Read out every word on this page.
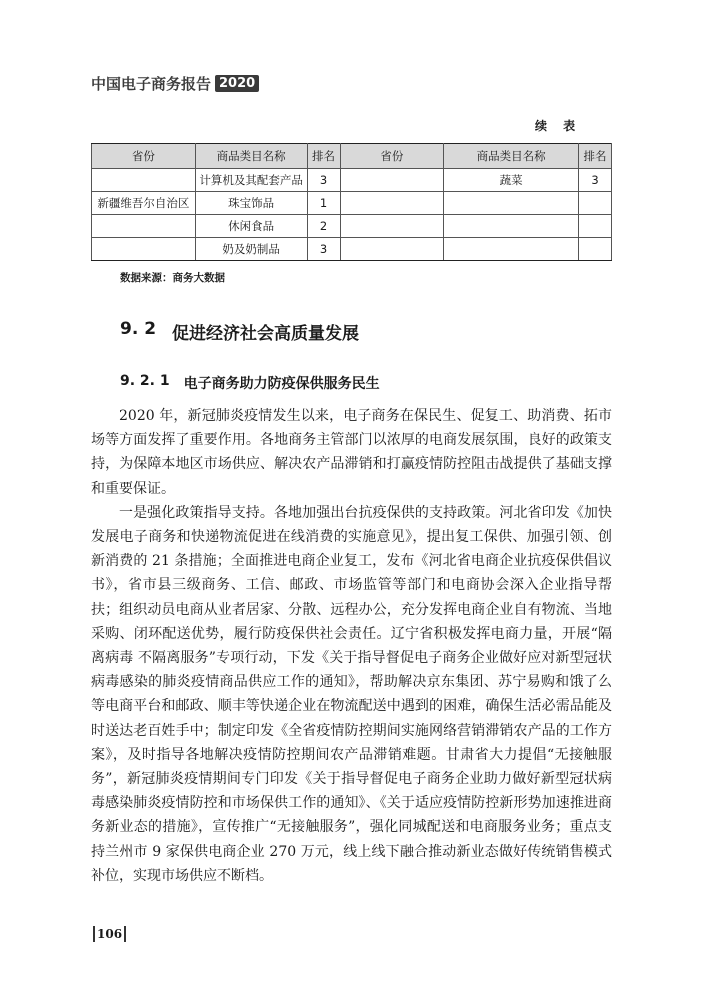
中国电子商务报告 2020
续 表
省份	商品类目名称	排名	省份	商品类目名称	排名
	计算机及其配套产品	3		蔬菜	3
新疆维吾尔自治区	珠宝饰品	1			
	休闲食品	2			
	奶及奶制品	3			
数据来源：商务大数据
9. 2 促进经济社会高质量发展
9. 2. 1 电子商务助力防疫保供服务民生

2020 年，新冠肺炎疫情发生以来，电子商务在保民生、促复工、助消费、拓市场等方面发挥了重要作用。各地商务主管部门以浓厚的电商发展氛围，良好的政策支持，为保障本地区市场供应、解决农产品滞销和打赢疫情防控阻击战提供了基础支撑和重要保证。

一是强化政策指导支持。各地加强出台抗疫保供的支持政策。河北省印发《加快发展电子商务和快递物流促进在线消费的实施意见》，提出复工保供、加强引领、创新消费的 21 条措施；全面推进电商企业复工，发布《河北省电商企业抗疫保供倡议书》，省市县三级商务、工信、邮政、市场监管等部门和电商协会深入企业指导帮扶；组织动员电商从业者居家、分散、远程办公，充分发挥电商企业自有物流、当地采购、闭环配送优势，履行防疫保供社会责任。辽宁省积极发挥电商力量，开展“隔离病毒 不隔离服务”专项行动，下发《关于指导督促电子商务企业做好应对新型冠状病毒感染的肺炎疫情商品供应工作的通知》，帮助解决京东集团、苏宁易购和饿了么等电商平台和邮政、顺丰等快递企业在物流配送中遇到的困难，确保生活必需品能及时送达老百姓手中；制定印发《全省疫情防控期间实施网络营销滞销农产品的工作方案》，及时指导各地解决疫情防控期间农产品滞销难题。甘肃省大力提倡“无接触服务”，新冠肺炎疫情期间专门印发《关于指导督促电子商务企业助力做好新型冠状病毒感染肺炎疫情防控和市场保供工作的通知》、《关于适应疫情防控新形势加速推进商务新业态的措施》，宣传推广“无接触服务”，强化同城配送和电商服务业务；重点支持兰州市 9 家保供电商企业 270 万元，线上线下融合推动新业态做好传统销售模式补位，实现市场供应不断档。

106
